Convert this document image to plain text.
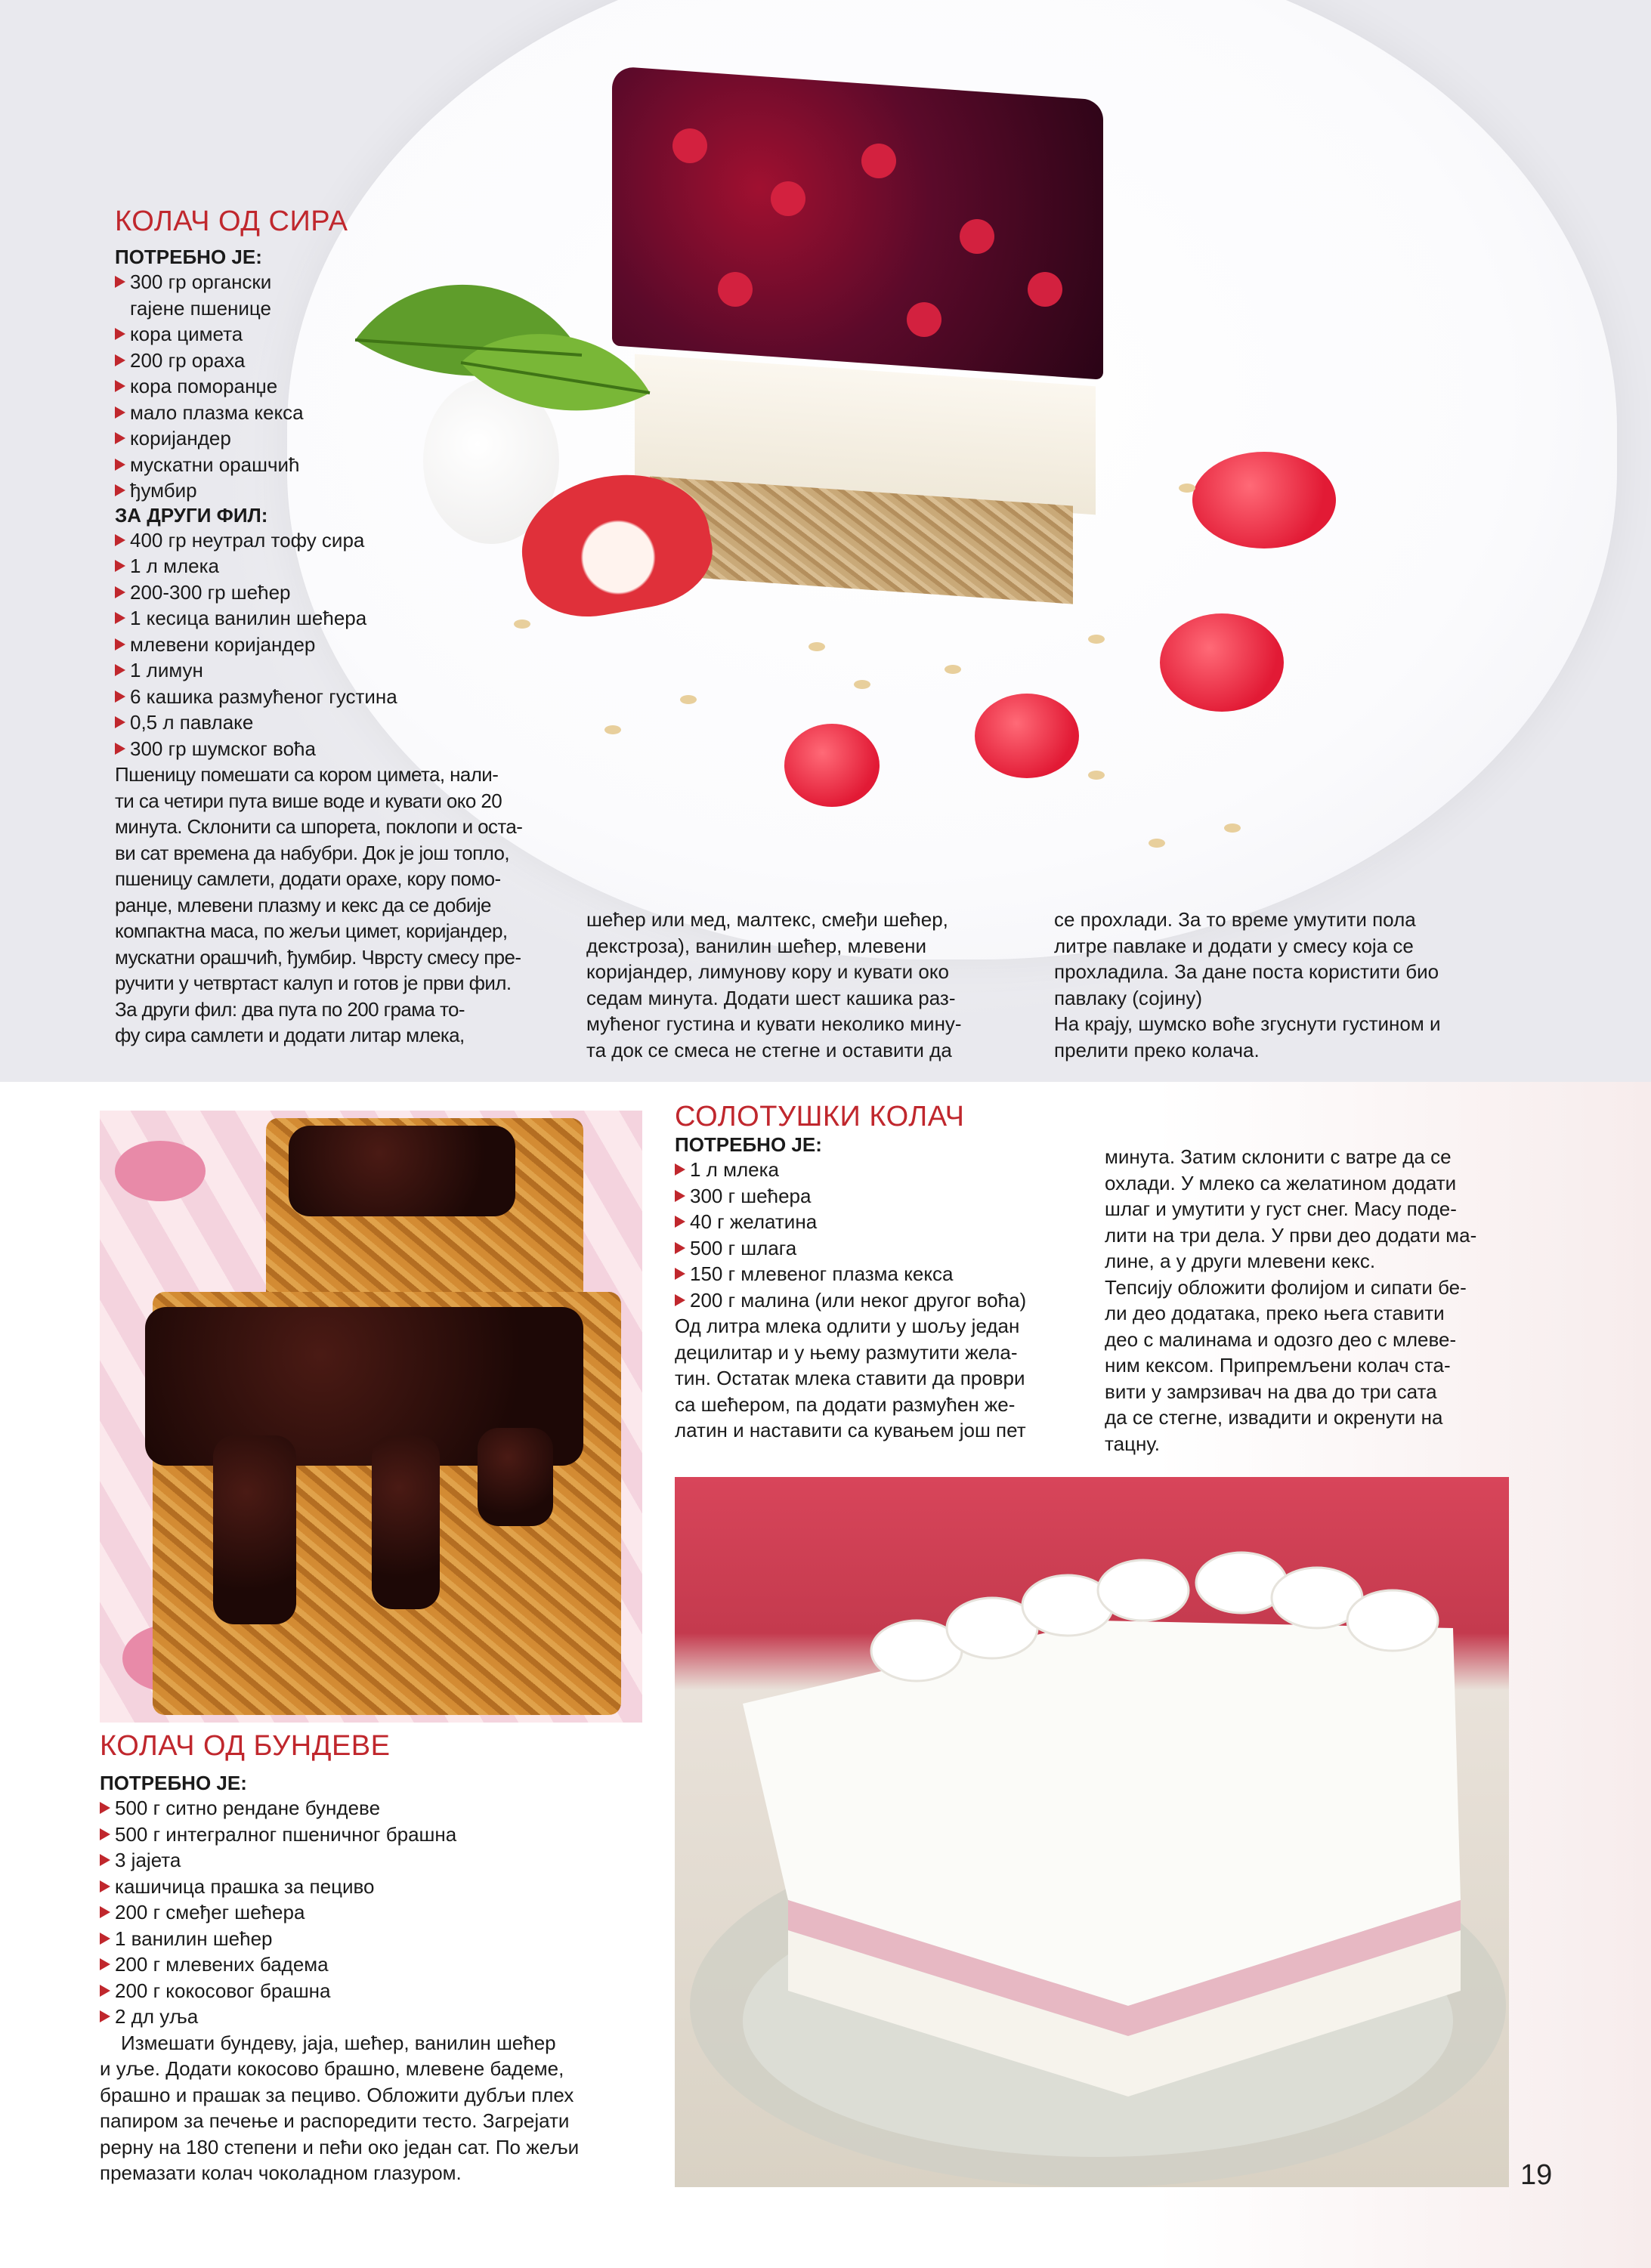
КОЛАЧ ОД СИРА
ПОТРЕБНО ЈЕ:
300 гр органски
гајене пшенице
кора цимета
200 гр ораха
кора поморанџе
мало плазма кекса
коријандер
мускатни орашчић
ђумбир
ЗА ДРУГИ ФИЛ:
400 гр неутрал тофу сира
1 л млека
200-300 гр шећер
1 кесица ванилин шећера
млевени коријандер
1 лимун
6 кашика размућеног густина
0,5 л павлаке
300 гр шумског воћа
Пшеницу помешати са кором цимета, нали-
ти са четири пута више воде и кувати око 20
минута. Склонити са шпорета, поклопи и оста-
ви сат времена да набубри. Док је још топло,
пшеницу самлети, додати орахе, кору помо-
ранџе, млевени плазму и кекс да се добије
компактна маса, по жељи цимет, коријандер,
мускатни орашчић, ђумбир. Чврсту смесу пре-
ручити у четвртаст калуп и готов је први фил.
За други фил: два пута по 200 грама то-
фу сира самлети и додати литар млека,
шећер или мед, малтекс, смеђи шећер,
декстроза), ванилин шећер, млевени
коријандер, лимунову кору и кувати око
седам минута. Додати шест кашика раз-
мућеног густина и кувати неколико мину-
та док се смеса не стегне и оставити да
се прохлади. За то време умутити пола
литре павлаке и додати у смесу која се
прохладила. За дане поста користити био
павлаку (сојину)
На крају, шумско воће згуснути густином и
прелити преко колача.
СОЛОТУШКИ КОЛАЧ
ПОТРЕБНО ЈЕ:
1 л млека
300 г шећера
40 г желатина
500 г шлага
150 г млевеног плазма кекса
200 г малина (или неког другог воћа)
Од литра млека одлити у шољу један
децилитар и у њему размутити жела-
тин. Остатак млека ставити да проври
са шећером, па додати размућен же-
латин и наставити са кувањем још пет
минута. Затим склонити с ватре да се
охлади. У млеко са желатином додати
шлаг и умутити у густ снег. Масу поде-
лити на три дела. У први део додати ма-
лине, а у други млевени кекс.
Тепсију обложити фолијом и сипати бе-
ли део додатака, преко њега ставити
део с малинама и одозго део с млеве-
ним кексом. Припремљени колач ста-
вити у замрзивач на два до три сата
да се стегне, извадити и окренути на
тацну.
КОЛАЧ ОД БУНДЕВЕ
ПОТРЕБНО ЈЕ:
500 г ситно рендане бундеве
500 г интегралног пшеничног брашна
3 јајета
кашичица прашка за пециво
200 г смеђег шећера
1 ванилин шећер
200 г млевених бадема
200 г кокосовог брашна
2 дл уља
Измешати бундеву, јаја, шећер, ванилин шећер
и уље. Додати кокосово брашно, млевене бадеме,
брашно и прашак за пециво. Обложити дубљи плех
папиром за печење и распоредити тесто. Загрејати
рерну на 180 степени и пећи око један сат. По жељи
премазати колач чоколадном глазуром.	19
